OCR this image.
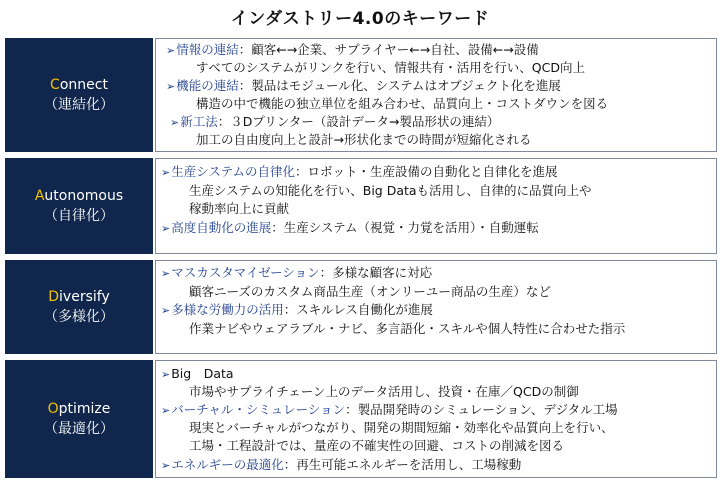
インダストリー4.0のキーワード
Connect
（連結化）
➢情報の連結：顧客←→企業、サプライヤー←→自社、設備←→設備
すべてのシステムがリンクを行い、情報共有・活用を行い、QCD向上
➢機能の連結：製品はモジュール化、システムはオブジェクト化を進展
構造の中で機能の独立単位を組み合わせ、品質向上・コストダウンを図る
➢新工法：３Dプリンター（設計データ→製品形状の連結）
加工の自由度向上と設計→形状化までの時間が短縮化される
Autonomous
（自律化）
➢生産システムの自律化：ロボット・生産設備の自動化と自律化を進展
生産システムの知能化を行い、Big Dataも活用し、自律的に品質向上や
稼動率向上に貢献
➢高度自動化の進展：生産システム（視覚・力覚を活用）・自動運転
Diversify
（多様化）
➢マスカスタマイゼーション：多様な顧客に対応
顧客ニーズのカスタム商品生産（オンリーユー商品の生産）など
➢多様な労働力の活用：スキルレス自働化が進展
作業ナビやウェアラブル・ナビ、多言語化・スキルや個人特性に合わせた指示
Optimize
（最適化）
➢Big　Data
市場やサプライチェーン上のデータ活用し、投資・在庫／QCDの制御
➢バーチャル・シミュレーション：製品開発時のシミュレーション、デジタル工場
現実とバーチャルがつながり、開発の期間短縮・効率化や品質向上を行い、
工場・工程設計では、量産の不確実性の回避、コストの削減を図る
➢エネルギーの最適化：再生可能エネルギーを活用し、工場稼動
